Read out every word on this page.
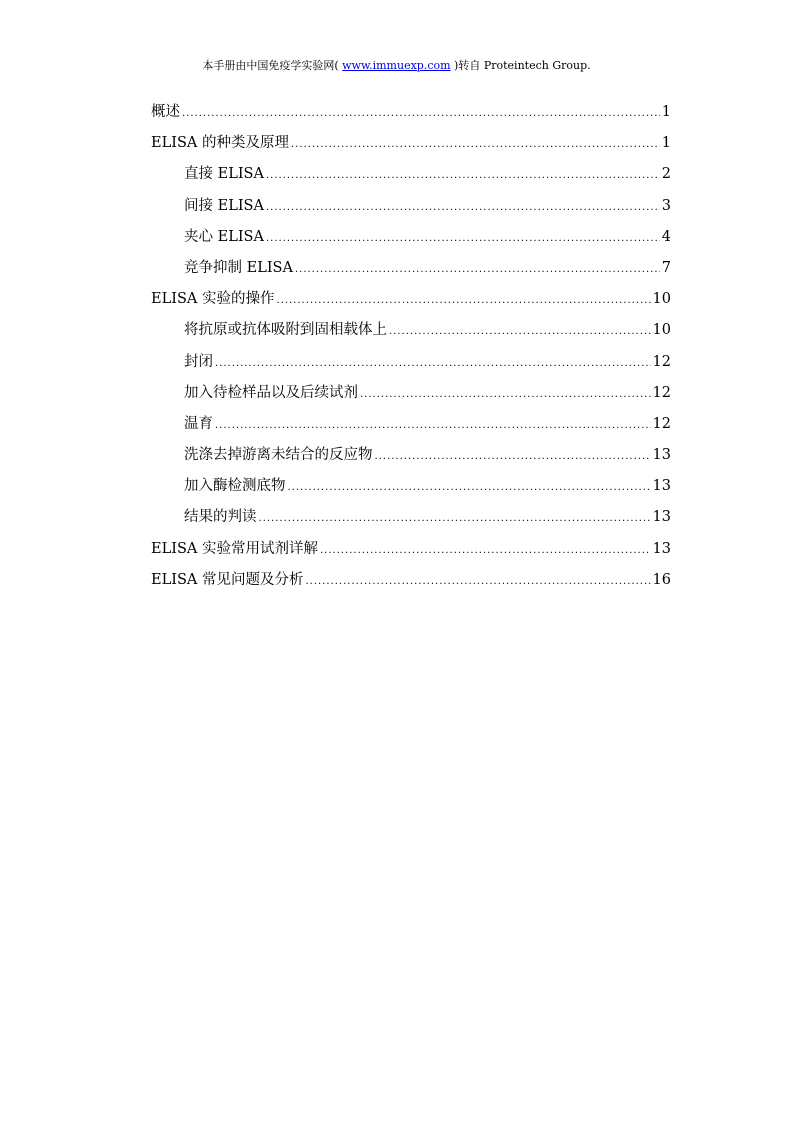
本手册由中国免疫学实验网( www.immuexp.com )转自 Proteintech Group.
概述 .....	1
ELISA 的种类及原理 .....	1
直接 ELISA .....	2
间接 ELISA .....	3
夹心 ELISA .....	4
竞争抑制 ELISA .....	7
ELISA 实验的操作 .....	10
将抗原或抗体吸附到固相载体上 .....	10
封闭 .....	12
加入待检样品以及后续试剂 .....	12
温育 .....	12
洗涤去掉游离未结合的反应物 .....	13
加入酶检测底物 .....	13
结果的判读 .....	13
ELISA 实验常用试剂详解 .....	13
ELISA 常见问题及分析 .....	16
